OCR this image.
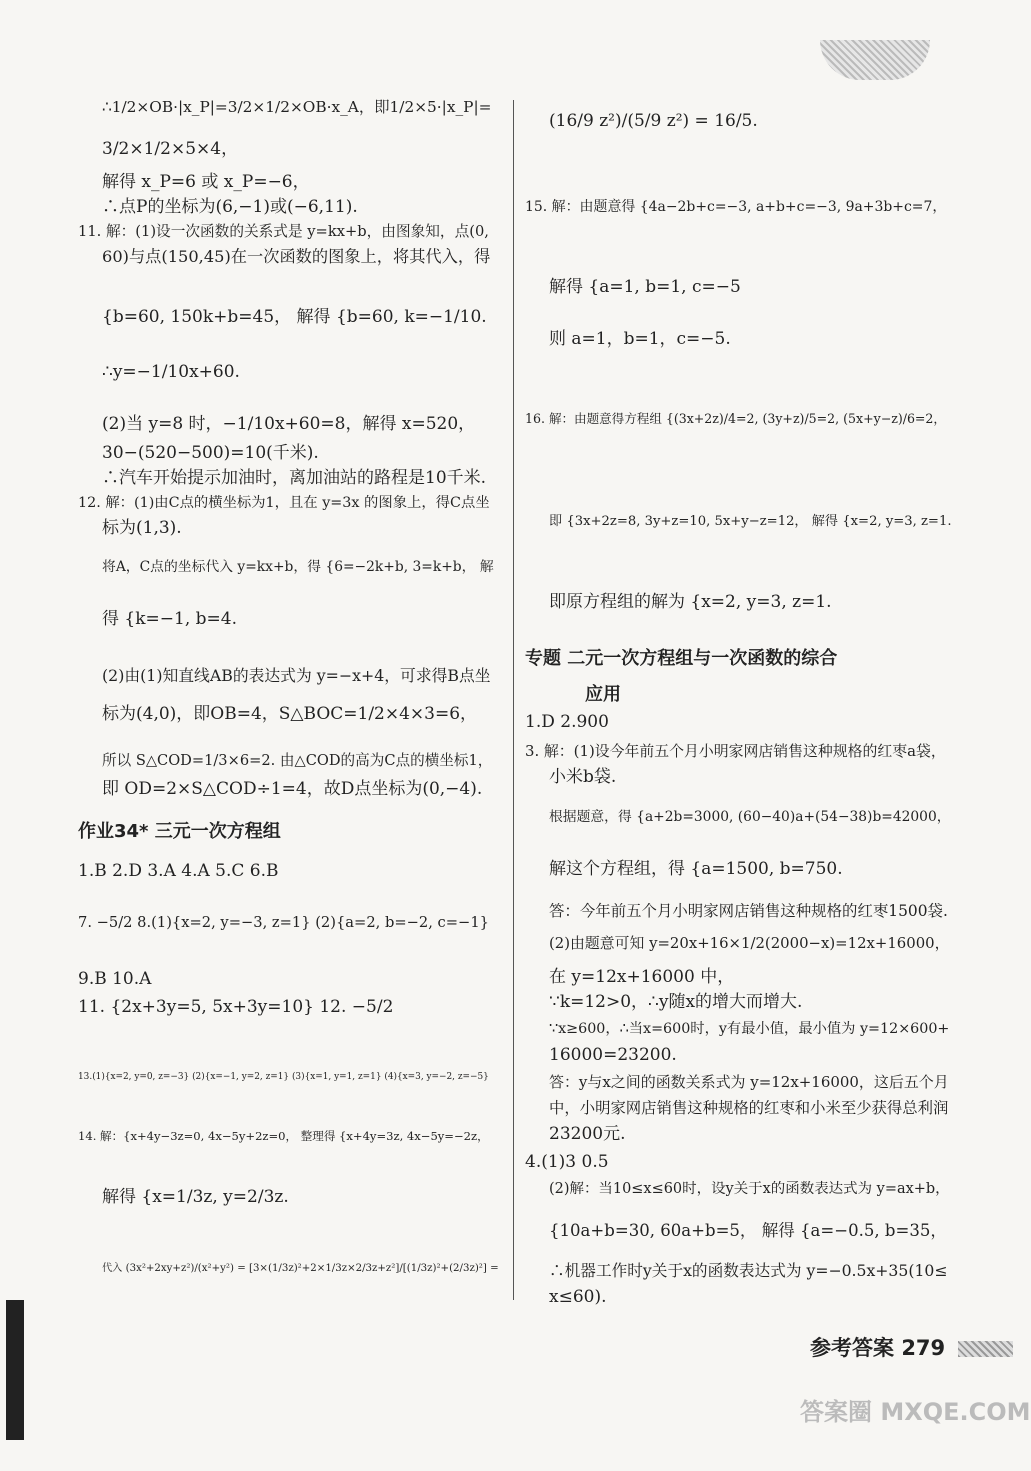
∴1/2×OB·|x_P|=3/2×1/2×OB·x_A，即1/2×5·|x_P|=
3/2×1/2×5×4，
解得 x_P=6 或 x_P=−6，
∴点P的坐标为(6,−1)或(−6,11).
11. 解：(1)设一次函数的关系式是 y=kx+b，由图象知，点(0,
60)与点(150,45)在一次函数的图象上，将其代入，得
{b=60, 150k+b=45， 解得 {b=60, k=−1/10.
∴y=−1/10x+60.
(2)当 y=8 时，−1/10x+60=8，解得 x=520，
30−(520−500)=10(千米).
∴汽车开始提示加油时，离加油站的路程是10千米.
12. 解：(1)由C点的横坐标为1，且在 y=3x 的图象上，得C点坐
标为(1,3).
将A，C点的坐标代入 y=kx+b，得 {6=−2k+b, 3=k+b， 解
得 {k=−1, b=4.
(2)由(1)知直线AB的表达式为 y=−x+4，可求得B点坐
标为(4,0)，即OB=4，S△BOC=1/2×4×3=6，
所以 S△COD=1/3×6=2. 由△COD的高为C点的横坐标1，
即 OD=2×S△COD÷1=4，故D点坐标为(0,−4).
作业34* 三元一次方程组
1.B 2.D 3.A 4.A 5.C 6.B
7. −5/2 8.(1){x=2, y=−3, z=1} (2){a=2, b=−2, c=−1}
9.B 10.A
11. {2x+3y=5, 5x+3y=10} 12. −5/2
13.(1){x=2, y=0, z=−3} (2){x=−1, y=2, z=1} (3){x=1, y=1, z=1} (4){x=3, y=−2, z=−5}
14. 解：{x+4y−3z=0, 4x−5y+2z=0， 整理得 {x+4y=3z, 4x−5y=−2z，
解得 {x=1/3z, y=2/3z.
代入 (3x²+2xy+z²)/(x²+y²) = [3×(1/3z)²+2×1/3z×2/3z+z²]/[(1/3z)²+(2/3z)²] =
(16/9 z²)/(5/9 z²) = 16/5.
15. 解：由题意得 {4a−2b+c=−3, a+b+c=−3, 9a+3b+c=7，
解得 {a=1, b=1, c=−5
则 a=1，b=1，c=−5.
16. 解：由题意得方程组 {(3x+2z)/4=2, (3y+z)/5=2, (5x+y−z)/6=2，
即 {3x+2z=8, 3y+z=10, 5x+y−z=12， 解得 {x=2, y=3, z=1.
即原方程组的解为 {x=2, y=3, z=1.
专题 二元一次方程组与一次函数的综合
应用
1.D 2.900
3. 解：(1)设今年前五个月小明家网店销售这种规格的红枣a袋，
小米b袋.
根据题意，得 {a+2b=3000, (60−40)a+(54−38)b=42000，
解这个方程组，得 {a=1500, b=750.
答：今年前五个月小明家网店销售这种规格的红枣1500袋.
(2)由题意可知 y=20x+16×1/2(2000−x)=12x+16000，
在 y=12x+16000 中，
∵k=12>0，∴y随x的增大而增大.
∵x≥600，∴当x=600时，y有最小值，最小值为 y=12×600+
16000=23200.
答：y与x之间的函数关系式为 y=12x+16000，这后五个月
中，小明家网店销售这种规格的红枣和小米至少获得总利润
23200元.
4.(1)3 0.5
(2)解：当10≤x≤60时，设y关于x的函数表达式为 y=ax+b，
{10a+b=30, 60a+b=5， 解得 {a=−0.5, b=35，
∴机器工作时y关于x的函数表达式为 y=−0.5x+35(10≤
x≤60).
参考答案 279
答案圈 MXQE.COM
